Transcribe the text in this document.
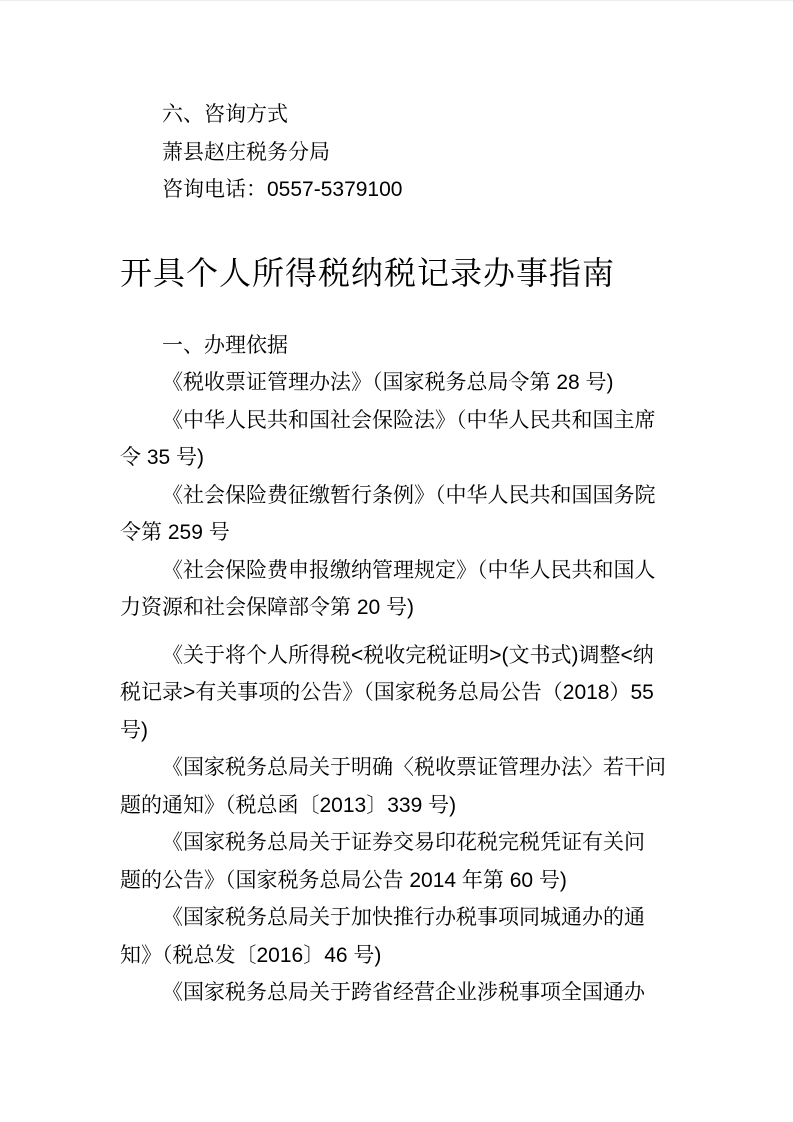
六、咨询方式

萧县赵庄税务分局

咨询电话：0557-5379100

开具个人所得税纳税记录办事指南

一、办理依据

《税收票证管理办法》（国家税务总局令第 28 号)

《中华人民共和国社会保险法》（中华人民共和国主席
令 35 号)

《社会保险费征缴暂行条例》（中华人民共和国国务院
令第 259 号

《社会保险费申报缴纳管理规定》（中华人民共和国人
力资源和社会保障部令第 20 号)

《关于将个人所得税<税收完税证明>(文书式)调整<纳
税记录>有关事项的公告》（国家税务总局公告（2018）55
号)

《国家税务总局关于明确〈税收票证管理办法〉若干问
题的通知》（税总函〔2013〕339 号)

《国家税务总局关于证券交易印花税完税凭证有关问
题的公告》（国家税务总局公告 2014 年第 60 号)

《国家税务总局关于加快推行办税事项同城通办的通
知》（税总发〔2016〕46 号)

《国家税务总局关于跨省经营企业涉税事项全国通办
